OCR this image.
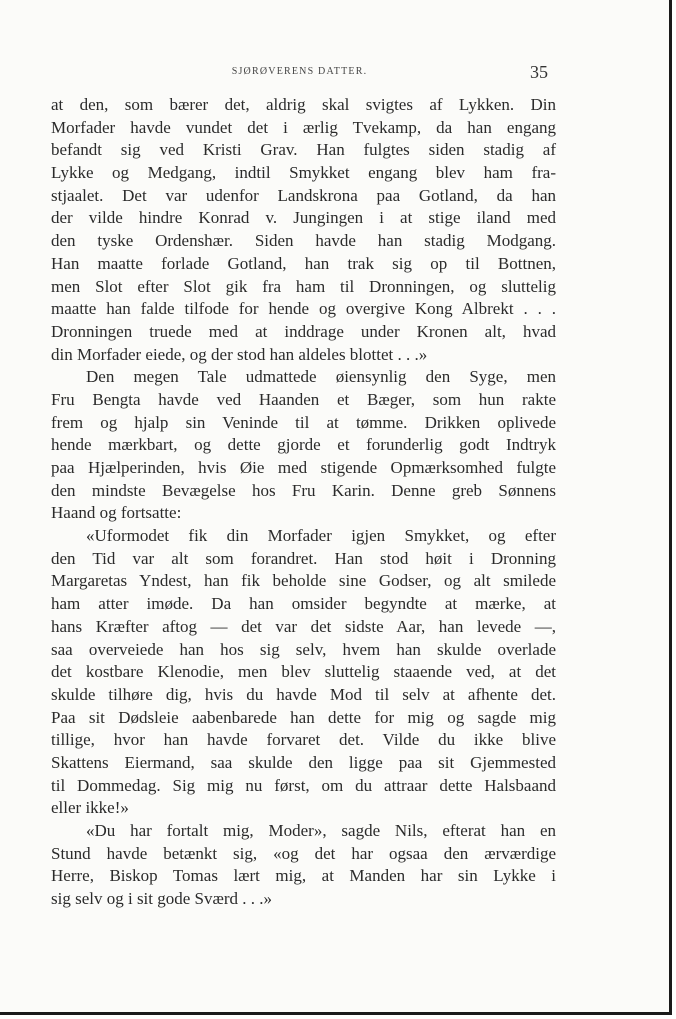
SJØRØVERENS DATTER.	35
at den, som bærer det, aldrig skal svigtes af Lykken. Din
Morfader havde vundet det i ærlig Tvekamp, da han engang
befandt sig ved Kristi Grav. Han fulgtes siden stadig af
Lykke og Medgang, indtil Smykket engang blev ham fra-
stjaalet. Det var udenfor Landskrona paa Gotland, da han
der vilde hindre Konrad v. Jungingen i at stige iland med
den tyske Ordenshær. Siden havde han stadig Modgang.
Han maatte forlade Gotland, han trak sig op til Bottnen,
men Slot efter Slot gik fra ham til Dronningen, og sluttelig
maatte han falde tilfode for hende og overgive Kong Albrekt . . .
Dronningen truede med at inddrage under Kronen alt, hvad
din Morfader eiede, og der stod han aldeles blottet . . .»
Den megen Tale udmattede øiensynlig den Syge, men
Fru Bengta havde ved Haanden et Bæger, som hun rakte
frem og hjalp sin Veninde til at tømme. Drikken oplivede
hende mærkbart, og dette gjorde et forunderlig godt Indtryk
paa Hjælperinden, hvis Øie med stigende Opmærksomhed fulgte
den mindste Bevægelse hos Fru Karin. Denne greb Sønnens
Haand og fortsatte:
«Uformodet fik din Morfader igjen Smykket, og efter
den Tid var alt som forandret. Han stod høit i Dronning
Margaretas Yndest, han fik beholde sine Godser, og alt smilede
ham atter imøde. Da han omsider begyndte at mærke, at
hans Kræfter aftog — det var det sidste Aar, han levede —,
saa overveiede han hos sig selv, hvem han skulde overlade
det kostbare Klenodie, men blev sluttelig staaende ved, at det
skulde tilhøre dig, hvis du havde Mod til selv at afhente det.
Paa sit Dødsleie aabenbarede han dette for mig og sagde mig
tillige, hvor han havde forvaret det. Vilde du ikke blive
Skattens Eiermand, saa skulde den ligge paa sit Gjemmested
til Dommedag. Sig mig nu først, om du attraar dette Halsbaand
eller ikke!»
«Du har fortalt mig, Moder», sagde Nils, efterat han en
Stund havde betænkt sig, «og det har ogsaa den ærværdige
Herre, Biskop Tomas lært mig, at Manden har sin Lykke i
sig selv og i sit gode Sværd . . .»
